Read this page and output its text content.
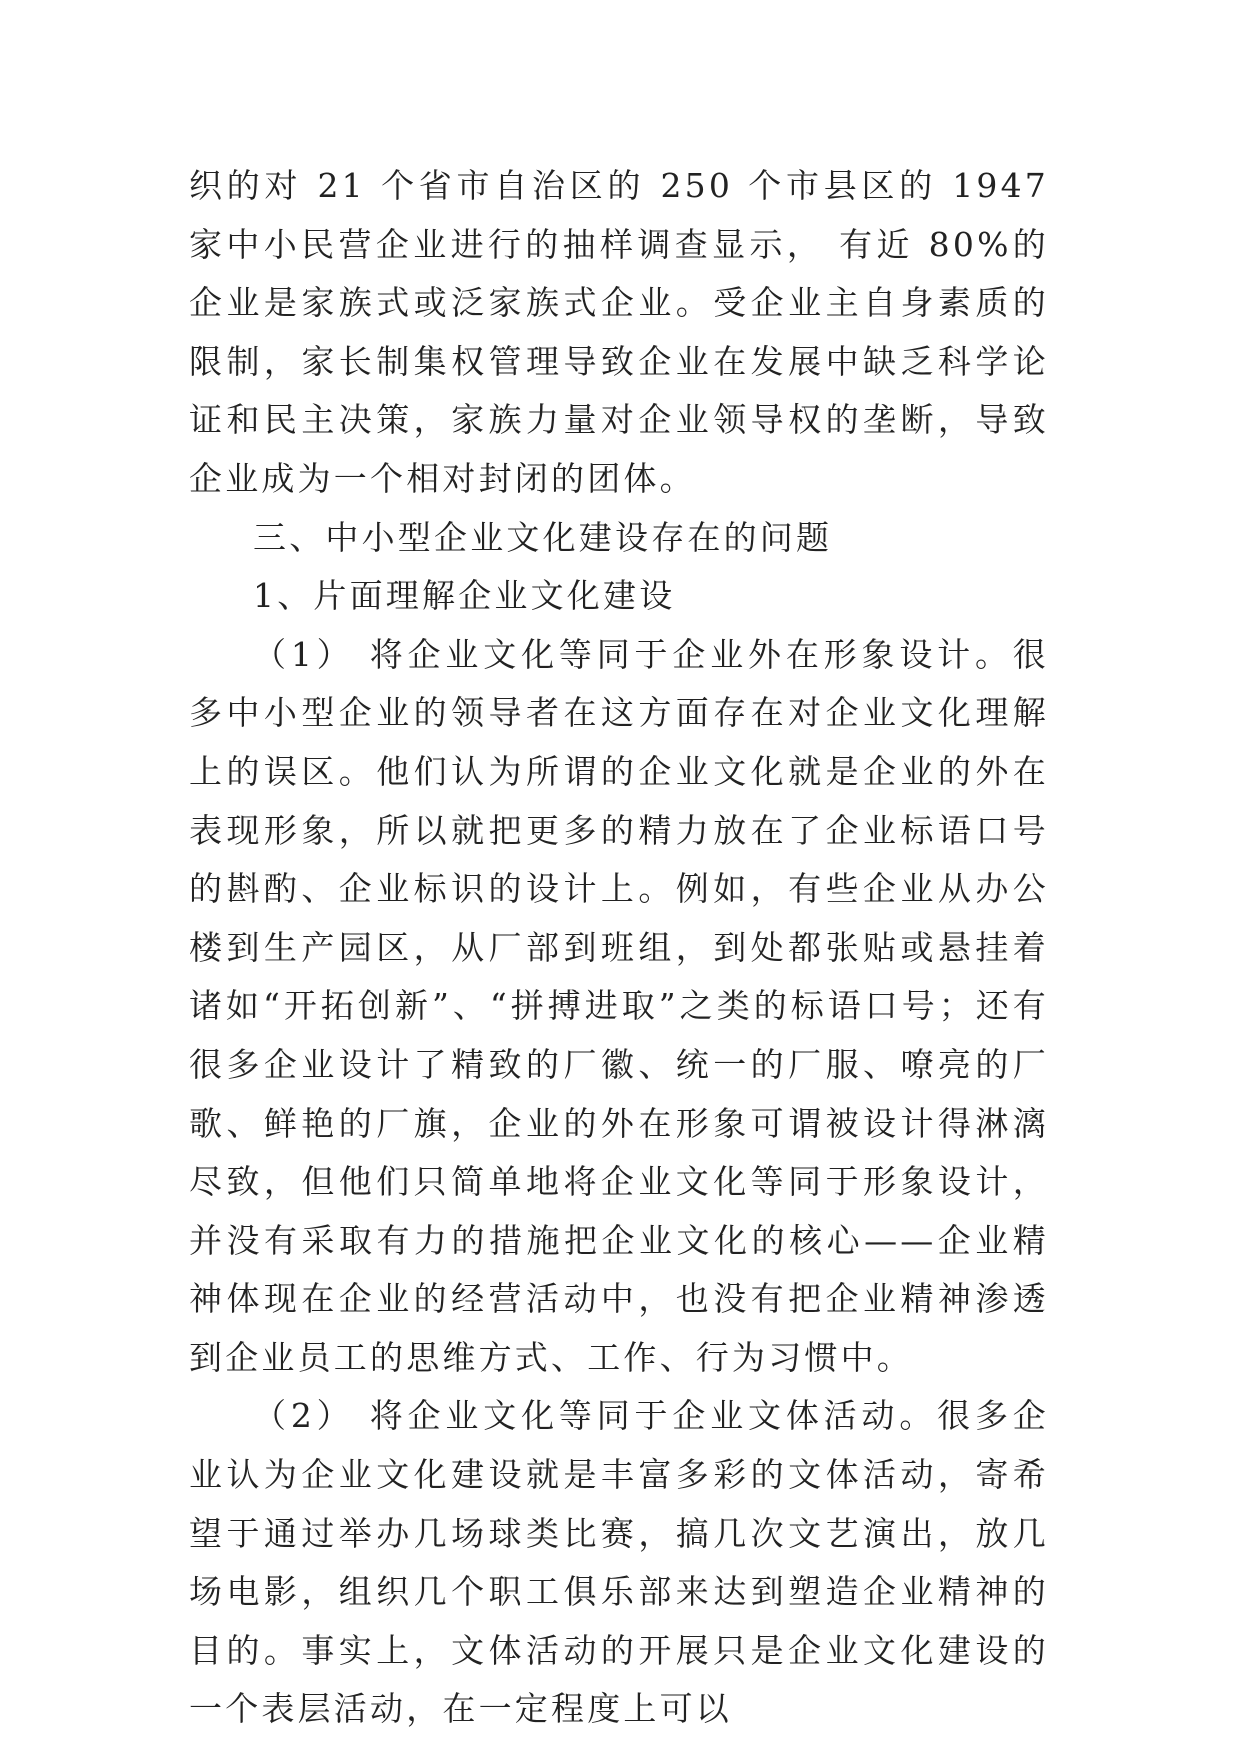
织的对 21 个省市自治区的 250 个市县区的 1947 家中小民营企业进行的抽样调查显示， 有近 80%的企业是家族式或泛家族式企业。受企业主自身素质的限制，家长制集权管理导致企业在发展中缺乏科学论证和民主决策，家族力量对企业领导权的垄断，导致企业成为一个相对封闭的团体。

三、中小型企业文化建设存在的问题

1、片面理解企业文化建设

（1） 将企业文化等同于企业外在形象设计。很多中小型企业的领导者在这方面存在对企业文化理解上的误区。他们认为所谓的企业文化就是企业的外在表现形象，所以就把更多的精力放在了企业标语口号的斟酌、企业标识的设计上。例如，有些企业从办公楼到生产园区，从厂部到班组，到处都张贴或悬挂着诸如“开拓创新”、“拼搏进取”之类的标语口号；还有很多企业设计了精致的厂徽、统一的厂服、嘹亮的厂歌、鲜艳的厂旗，企业的外在形象可谓被设计得淋漓尽致，但他们只简单地将企业文化等同于形象设计，并没有采取有力的措施把企业文化的核心——企业精神体现在企业的经营活动中，也没有把企业精神渗透到企业员工的思维方式、工作、行为习惯中。

（2） 将企业文化等同于企业文体活动。很多企业认为企业文化建设就是丰富多彩的文体活动，寄希望于通过举办几场球类比赛，搞几次文艺演出，放几场电影，组织几个职工俱乐部来达到塑造企业精神的目的。事实上，文体活动的开展只是企业文化建设的一个表层活动，在一定程度上可以
